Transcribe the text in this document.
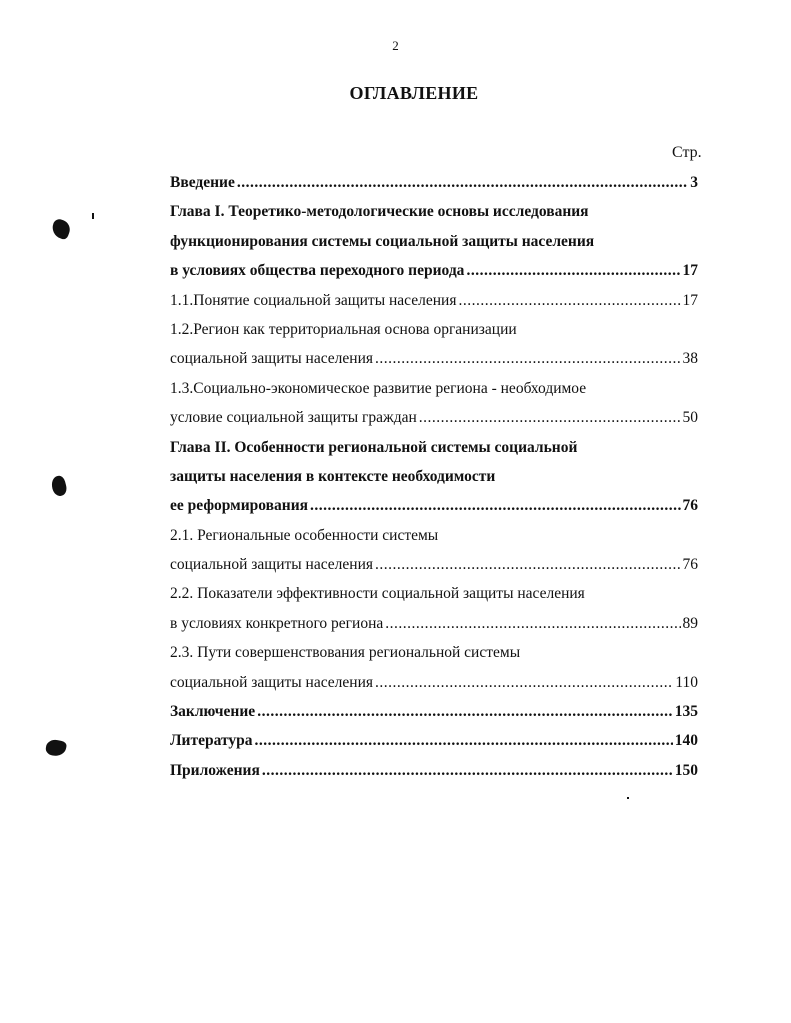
2
ОГЛАВЛЕНИЕ
Стр.
Введение .....	3
Глава I. Теоретико-методологические основы исследования
функционирования системы социальной защиты населения
в условиях общества переходного периода .....	17
1.1.Понятие социальной защиты населения .....	17
1.2.Регион как территориальная основа организации
социальной защиты населения .....	38
1.3.Социально-экономическое развитие региона - необходимое
условие социальной защиты граждан .....	50
Глава II. Особенности региональной системы социальной
защиты населения в контексте необходимости
ее реформирования .....	76
2.1. Региональные особенности системы
социальной защиты населения .....	76
2.2. Показатели эффективности социальной защиты населения
в условиях конкретного региона .....	89
2.3. Пути совершенствования региональной системы
социальной защиты населения .....	110
Заключение .....	135
Литература .....	140
Приложения .....	150
